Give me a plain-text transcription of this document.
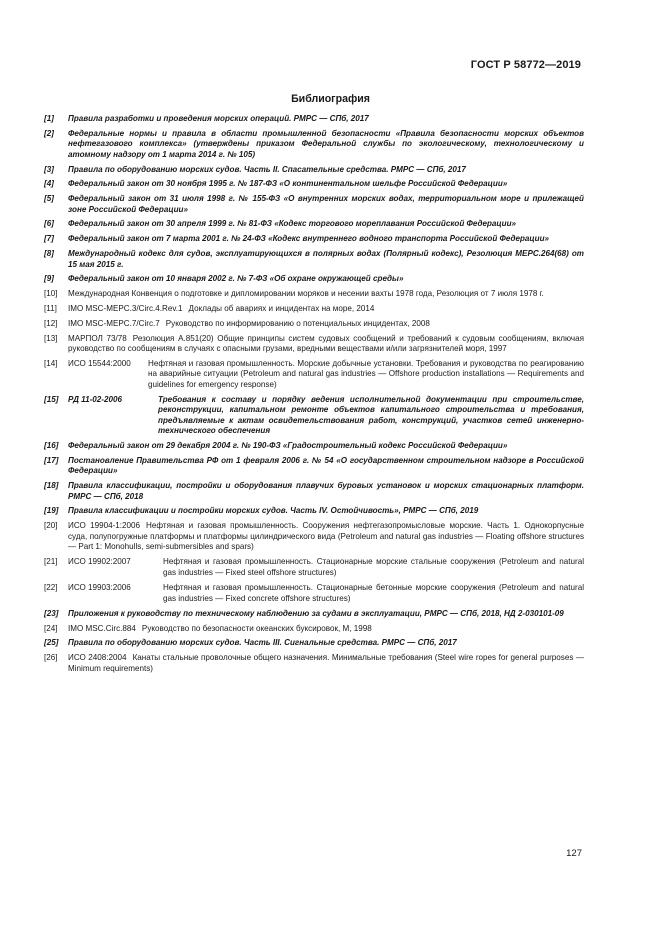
ГОСТ Р 58772—2019
Библиография
[1]	Правила разработки и проведения морских операций. РМРС — СПб, 2017
[2]	Федеральные нормы и правила в области промышленной безопасности «Правила безопасности морских объектов нефтегазового комплекса» (утверждены приказом Федеральной службы по экологическому, технологическому и атомному надзору от 1 марта 2014 г. № 105)
[3]	Правила по оборудованию морских судов. Часть II. Спасательные средства. РМРС — СПб, 2017
[4]	Федеральный закон от 30 ноября 1995 г. № 187-ФЗ «О континентальном шельфе Российской Федерации»
[5]	Федеральный закон от 31 июля 1998 г. № 155-ФЗ «О внутренних морских водах, территориальном море и прилежащей зоне Российской Федерации»
[6]	Федеральный закон от 30 апреля 1999 г. № 81-ФЗ «Кодекс торгового мореплавания Российской Федерации»
[7]	Федеральный закон от 7 марта 2001 г. № 24-ФЗ «Кодекс внутреннего водного транспорта Российской Федерации»
[8]	Международный кодекс для судов, эксплуатирующихся в полярных водах (Полярный кодекс), Резолюция MEPC.264(68) от 15 мая 2015 г.
[9]	Федеральный закон от 10 января 2002 г. № 7-ФЗ «Об охране окружающей среды»
[10]	Международная Конвенция о подготовке и дипломировании моряков и несении вахты 1978 года, Резолюция от 7 июля 1978 г.
[11]	IMO MSC-MEPC.3/Circ.4.Rev.1 Доклады об авариях и инцидентах на море, 2014
[12]	IMO MSC-MEPC.7/Circ.7 Руководство по информированию о потенциальных инцидентах, 2008
[13]	МАРПОЛ 73/78 Резолюция А.851(20) Общие принципы систем судовых сообщений и требований к судовым сообщениям, включая руководство по сообщениям в случаях с опасными грузами, вредными веществами и/или загрязнителей моря, 1997
[14]	ИСО 15544:2000	Нефтяная и газовая промышленность. Морские добычные установки. Требования и руководства по реагированию на аварийные ситуации (Petroleum and natural gas industries — Offshore production installations — Requirements and guidelines for emergency response)
[15]	РД 11-02-2006	Требования к составу и порядку ведения исполнительной документации при строительстве, реконструкции, капитальном ремонте объектов капитального строительства и требования, предъявляемые к актам освидетельствования работ, конструкций, участков сетей инженерно-технического обеспечения
[16]	Федеральный закон от 29 декабря 2004 г. № 190-ФЗ «Градостроительный кодекс Российской Федерации»
[17]	Постановление Правительства РФ от 1 февраля 2006 г. № 54 «О государственном строительном надзоре в Российской Федерации»
[18]	Правила классификации, постройки и оборудования плавучих буровых установок и морских стационарных платформ. РМРС — СПб, 2018
[19]	Правила классификации и постройки морских судов. Часть IV. Остойчивость», РМРС — СПб, 2019
[20]	ИСО 19904-1:2006 Нефтяная и газовая промышленность. Сооружения нефтегазопромысловые морские. Часть 1. Однокорпусные суда, полупогружные платформы и платформы цилиндрического вида (Petroleum and natural gas industries — Floating offshore structures — Part 1: Monohulls, semi-submersibles and spars)
[21]	ИСО 19902:2007	Нефтяная и газовая промышленность. Стационарные морские стальные сооружения (Petroleum and natural gas industries — Fixed steel offshore structures)
[22]	ИСО 19903:2006	Нефтяная и газовая промышленность. Стационарные бетонные морские сооружения (Petroleum and natural gas industries — Fixed concrete offshore structures)
[23]	Приложения к руководству по техническому наблюдению за судами в эксплуатации, РМРС — СПб, 2018, НД 2-030101-09
[24]	IMO MSC.Circ.884 Руководство по безопасности океанских буксировок, М, 1998
[25]	Правила по оборудованию морских судов. Часть III. Сигнальные средства. РМРС — СПб, 2017
[26]	ИСО 2408:2004 Канаты стальные проволочные общего назначения. Минимальные требования (Steel wire ropes for general purposes — Minimum requirements)
127
